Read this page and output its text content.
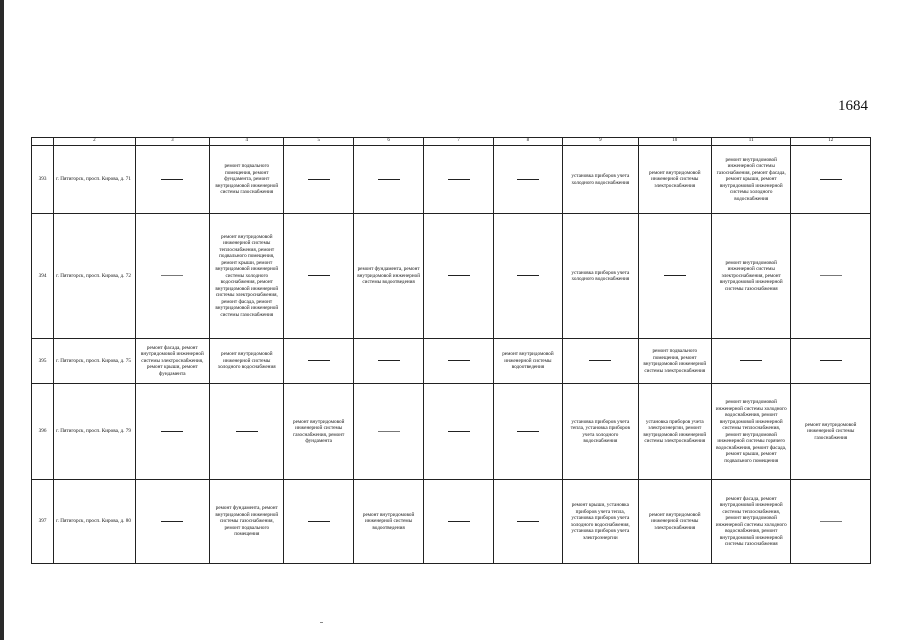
1684
	2	3	4	5	6	7	8	9	10	11	12
393	г. Пятигорск, просп. Кирова, д. 71		ремонт подвального помещения, ремонт фундамента, ремонт внутридомовой инженерной системы газоснабжения					установка приборов учета холодного водоснабжения	ремонт внутридомовой инженерной системы электроснабжения	ремонт внутридомовой инженерной системы газоснабжения, ремонт фасада, ремонт крыши, ремонт внутридомовой инженерной системы холодного водоснабжения	
394	г. Пятигорск, просп. Кирова, д. 72		ремонт внутридомовой инженерной системы теплоснабжения, ремонт подвального помещения, ремонт крыши, ремонт внутридомовой инженерной системы холодного водоснабжения, ремонт внутридомовой инженерной системы электроснабжения, ремонт фасада, ремонт внутридомовой инженерной системы газоснабжения		ремонт фундамента, ремонт внутридомовой инженерной системы водоотведения			установка приборов учета холодного водоснабжения		ремонт внутридомовой инженерной системы электроснабжения, ремонт внутридомовой инженерной системы газоснабжения	
395	г. Пятигорск, просп. Кирова, д. 75	ремонт фасада, ремонт внутридомовой инженерной системы электроснабжения, ремонт крыши, ремонт фундамента	ремонт внутридомовой инженерной системы холодного водоснабжения				ремонт внутридомовой инженерной системы водоотведения		ремонт подвального помещения, ремонт внутридомовой инженерной системы электроснабжения		
396	г. Пятигорск, просп. Кирова, д. 79			ремонт внутридомовой инженерной системы газоснабжения, ремонт фундамента				установка приборов учета тепла, установка приборов учета холодного водоснабжения	установка приборов учета электроэнергии, ремонт внутридомовой инженерной системы электроснабжения	ремонт внутридомовой инженерной системы холодного водоснабжения, ремонт внутридомовой инженерной системы теплоснабжения, ремонт внутридомовой инженерной системы горячего водоснабжения, ремонт фасада, ремонт крыши, ремонт подвального помещения	ремонт внутридомовой инженерной системы газоснабжения
397	г. Пятигорск, просп. Кирова, д. 80		ремонт фундамента, ремонт внутридомовой инженерной системы газоснабжения, ремонт подвального помещения		ремонт внутридомовой инженерной системы водоотведения			ремонт крыши, установка приборов учета тепла, установка приборов учета холодного водоснабжения, установка приборов учета электроэнергии	ремонт внутридомовой инженерной системы электроснабжения	ремонт фасада, ремонт внутридомовой инженерной системы теплоснабжения, ремонт внутридомовой инженерной системы холодного водоснабжения, ремонт внутридомовой инженерной системы газоснабжения	
